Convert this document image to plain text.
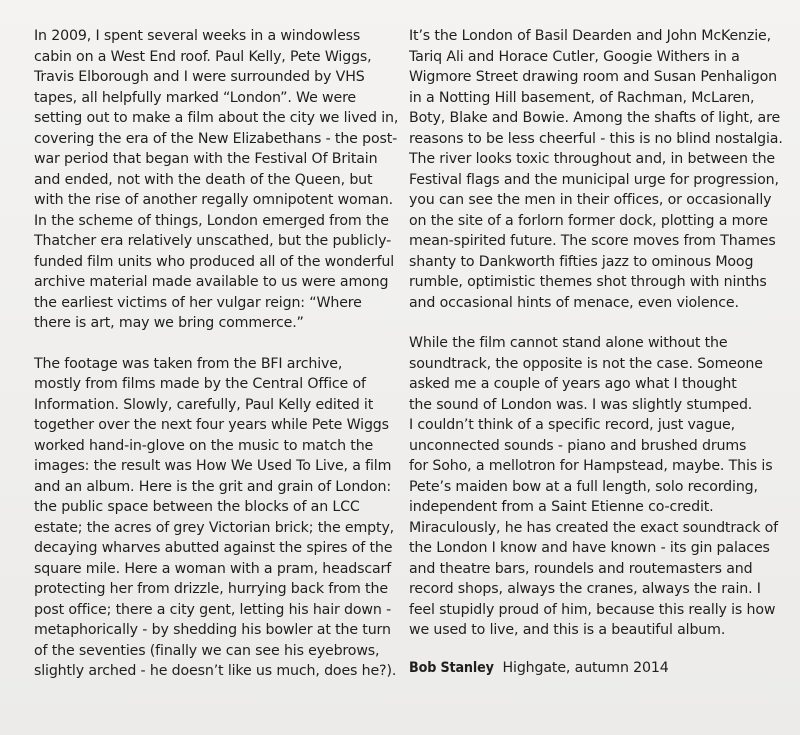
In 2009, I spent several weeks in a windowless
cabin on a West End roof. Paul Kelly, Pete Wiggs,
Travis Elborough and I were surrounded by VHS
tapes, all helpfully marked “London”. We were
setting out to make a film about the city we lived in,
covering the era of the New Elizabethans - the post-
war period that began with the Festival Of Britain
and ended, not with the death of the Queen, but
with the rise of another regally omnipotent woman.
In the scheme of things, London emerged from the
Thatcher era relatively unscathed, but the publicly-
funded film units who produced all of the wonderful
archive material made available to us were among
the earliest victims of her vulgar reign: “Where
there is art, may we bring commerce.”

The footage was taken from the BFI archive,
mostly from films made by the Central Office of
Information. Slowly, carefully, Paul Kelly edited it
together over the next four years while Pete Wiggs
worked hand-in-glove on the music to match the
images: the result was How We Used To Live, a film
and an album. Here is the grit and grain of London:
the public space between the blocks of an LCC
estate; the acres of grey Victorian brick; the empty,
decaying wharves abutted against the spires of the
square mile. Here a woman with a pram, headscarf
protecting her from drizzle, hurrying back from the
post office; there a city gent, letting his hair down -
metaphorically - by shedding his bowler at the turn
of the seventies (finally we can see his eyebrows,
slightly arched - he doesn’t like us much, does he?).

It’s the London of Basil Dearden and John McKenzie,
Tariq Ali and Horace Cutler, Googie Withers in a
Wigmore Street drawing room and Susan Penhaligon
in a Notting Hill basement, of Rachman, McLaren,
Boty, Blake and Bowie. Among the shafts of light, are
reasons to be less cheerful - this is no blind nostalgia.
The river looks toxic throughout and, in between the
Festival flags and the municipal urge for progression,
you can see the men in their offices, or occasionally
on the site of a forlorn former dock, plotting a more
mean-spirited future. The score moves from Thames
shanty to Dankworth fifties jazz to ominous Moog
rumble, optimistic themes shot through with ninths
and occasional hints of menace, even violence.

While the film cannot stand alone without the
soundtrack, the opposite is not the case. Someone
asked me a couple of years ago what I thought
the sound of London was. I was slightly stumped.
I couldn’t think of a specific record, just vague,
unconnected sounds - piano and brushed drums
for Soho, a mellotron for Hampstead, maybe. This is
Pete’s maiden bow at a full length, solo recording,
independent from a Saint Etienne co-credit.
Miraculously, he has created the exact soundtrack of
the London I know and have known - its gin palaces
and theatre bars, roundels and routemasters and
record shops, always the cranes, always the rain. I
feel stupidly proud of him, because this really is how
we used to live, and this is a beautiful album.

Bob Stanley Highgate, autumn 2014
